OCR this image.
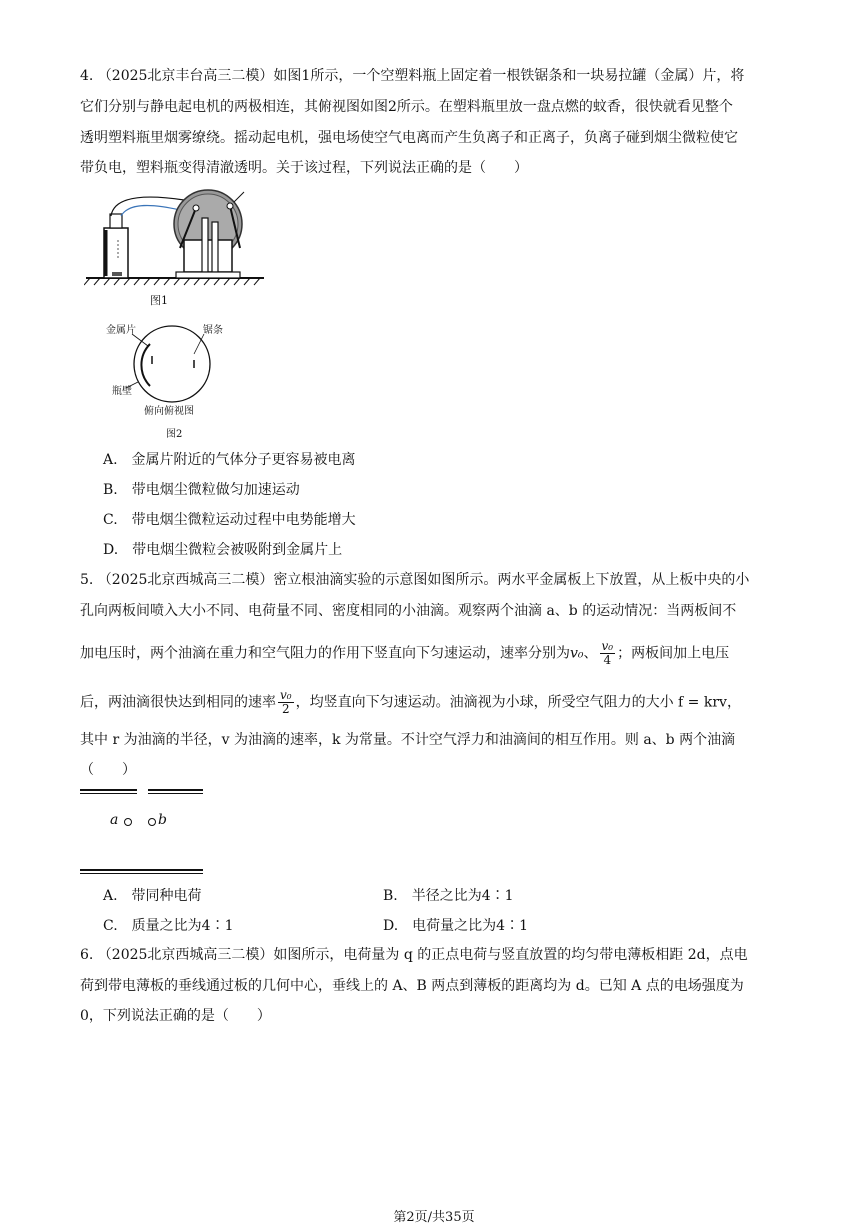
4. （2025北京丰台高三二模）如图1所示，一个空塑料瓶上固定着一根铁锯条和一块易拉罐（金属）片，将
它们分别与静电起电机的两极相连，其俯视图如图2所示。在塑料瓶里放一盘点燃的蚊香，很快就看见整个
透明塑料瓶里烟雾缭绕。摇动起电机，强电场使空气电离而产生负离子和正离子，负离子碰到烟尘微粒使它
带负电，塑料瓶变得清澈透明。关于该过程，下列说法正确的是（　　）
图1
金属片	锯条
瓶壁
俯向俯视图
图2
A.　金属片附近的气体分子更容易被电离
B.　带电烟尘微粒做匀加速运动
C.　带电烟尘微粒运动过程中电势能增大
D.　带电烟尘微粒会被吸附到金属片上
5. （2025北京西城高三二模）密立根油滴实验的示意图如图所示。两水平金属板上下放置，从上板中央的小
孔向两板间喷入大小不同、电荷量不同、密度相同的小油滴。观察两个油滴 a、b 的运动情况：当两板间不
加电压时，两个油滴在重力和空气阻力的作用下竖直向下匀速运动，速率分别为v₀、 $\frac{\text{v₀}}{4}$ ；两板间加上电压
后，两油滴很快达到相同的速率 $\frac{\text{v₀}}{2}$ ，均竖直向下匀速运动。油滴视为小球，所受空气阻力的大小 f = krv，
其中 r 为油滴的半径，v 为油滴的速率，k 为常量。不计空气浮力和油滴间的相互作用。则 a、b 两个油滴
（　　）
a	b
A.　带同种电荷	B.　半径之比为4∶1
C.　质量之比为4∶1	D.　电荷量之比为4∶1
6. （2025北京西城高三二模）如图所示，电荷量为 q 的正点电荷与竖直放置的均匀带电薄板相距 2d，点电
荷到带电薄板的垂线通过板的几何中心，垂线上的 A、B 两点到薄板的距离均为 d。已知 A 点的电场强度为
0，下列说法正确的是（　　）
第2页/共35页
